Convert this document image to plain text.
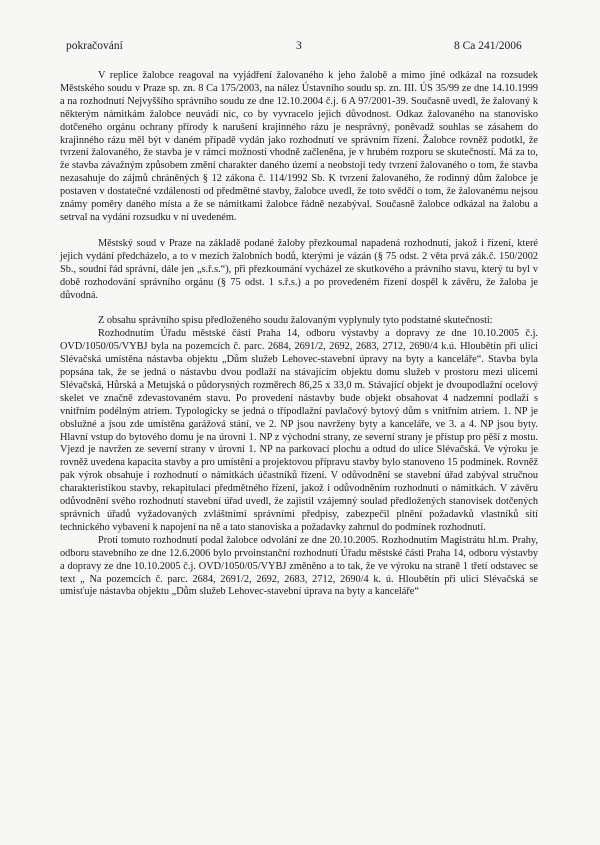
pokračování	3	8 Ca 241/2006

V replice žalobce reagoval na vyjádření žalovaného k jeho žalobě a mimo jiné odkázal na rozsudek Městského soudu v Praze sp. zn. 8 Ca 175/2003, na nález Ústavního soudu sp. zn. III. ÚS 35/99 ze dne 14.10.1999 a na rozhodnutí Nejvyššího správního soudu ze dne 12.10.2004 č.j. 6 A 97/2001-39. Současně uvedl, že žalovaný k některým námitkám žalobce neuvádí nic, co by vyvracelo jejich důvodnost. Odkaz žalovaného na stanovisko dotčeného orgánu ochrany přírody k narušení krajinného rázu je nesprávný, poněvadž souhlas se zásahem do krajinného rázu měl být v daném případě vydán jako rozhodnutí ve správním řízení. Žalobce rovněž podotkl, že tvrzení žalovaného, že stavba je v rámci možností vhodně začleněna, je v hrubém rozporu se skutečností. Má za to, že stavba závažným způsobem změní charakter daného území a neobstojí tedy tvrzení žalovaného o tom, že stavba nezasahuje do zájmů chráněných § 12 zákona č. 114/1992 Sb. K tvrzení žalovaného, že rodinný dům žalobce je postaven v dostatečné vzdálenosti od předmětné stavby, žalobce uvedl, že toto svědčí o tom, že žalovanému nejsou známy poměry daného místa a že se námitkami žalobce řádně nezabýval. Současně žalobce odkázal na žalobu a setrval na vydání rozsudku v ní uvedeném.

Městský soud v Praze na základě podané žaloby přezkoumal napadená rozhodnutí, jakož i řízení, které jejich vydání předcházelo, a to v mezích žalobních bodů, kterými je vázán (§ 75 odst. 2 věta prvá zák.č. 150/2002 Sb., soudní řád správní, dále jen „s.ř.s.“), při přezkoumání vycházel ze skutkového a právního stavu, který tu byl v době rozhodování správního orgánu (§ 75 odst. 1 s.ř.s.) a po provedeném řízení dospěl k závěru, že žaloba je důvodná.

Z obsahu správního spisu předloženého soudu žalovaným vyplynuly tyto podstatné skutečnosti:

Rozhodnutím Úřadu městské části Praha 14, odboru výstavby a dopravy ze dne 10.10.2005 č.j. OVD/1050/05/VYBJ byla na pozemcích č. parc. 2684, 2691/2, 2692, 2683, 2712, 2690/4 k.ú. Hloubětín při ulici Slévačská umístěna nástavba objektu „Dům služeb Lehovec-stavební úpravy na byty a kanceláře“. Stavba byla popsána tak, že se jedná o nástavbu dvou podlaží na stávajícím objektu domu služeb v prostoru mezi ulicemi Slévačská, Hůrská a Metujská o půdorysných rozměrech 86,25 x 33,0 m. Stávající objekt je dvoupodlažní ocelový skelet ve značně zdevastovaném stavu. Po provedení nástavby bude objekt obsahovat 4 nadzemní podlaží s vnitřním podélným atriem. Typologicky se jedná o třípodlažní pavlačový bytový dům s vnitřním atriem. 1. NP je obslužné a jsou zde umístěna garážová stání, ve 2. NP jsou navrženy byty a kanceláře, ve 3. a 4. NP jsou byty. Hlavní vstup do bytového domu je na úrovni 1. NP z východní strany, ze severní strany je přístup pro pěší z mostu. Vjezd je navržen ze severní strany v úrovni 1. NP na parkovací plochu a odtud do ulice Slévačská. Ve výroku je rovněž uvedena kapacita stavby a pro umístění a projektovou přípravu stavby bylo stanoveno 15 podmínek. Rovněž pak výrok obsahuje i rozhodnutí o námitkách účastníků řízení. V odůvodnění se stavební úřad zabýval stručnou charakteristikou stavby, rekapitulací předmětného řízení, jakož i odůvodněním rozhodnutí o námitkách. V závěru odůvodnění svého rozhodnutí stavební úřad uvedl, že zajistil vzájemný soulad předložených stanovisek dotčených správních úřadů vyžadovaných zvláštními správními předpisy, zabezpečil plnění požadavků vlastníků sítí technického vybavení k napojení na ně a tato stanoviska a požadavky zahrnul do podmínek rozhodnutí.

Proti tomuto rozhodnutí podal žalobce odvolání ze dne 20.10.2005. Rozhodnutím Magistrátu hl.m. Prahy, odboru stavebního ze dne 12.6.2006 bylo prvoinstanční rozhodnutí Úřadu městské části Praha 14, odboru výstavby a dopravy ze dne 10.10.2005 č.j. OVD/1050/05/VYBJ změněno a to tak, že ve výroku na straně 1 třetí odstavec se text „ Na pozemcích č. parc. 2684, 2691/2, 2692, 2683, 2712, 2690/4 k. ú. Hloubětín při ulici Slévačská se umisťuje nástavba objektu „Dům služeb Lehovec-stavební úprava na byty a kanceláře“
